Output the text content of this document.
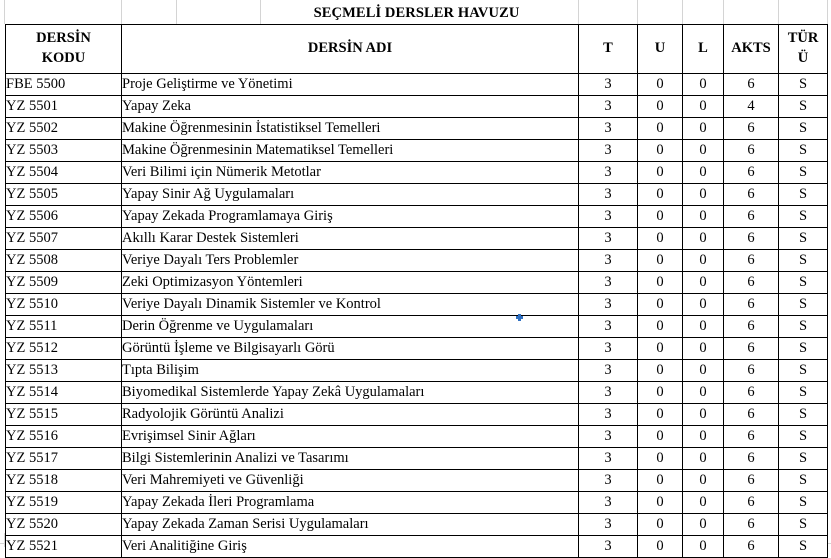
SEÇMELİ DERSLER HAVUZU						
DERSİN
KODU	DERSİN ADI	T	U	L	AKTS	TÜR
Ü

FBE 5500	Proje Geliştirme ve Yönetimi	3	0	0	6	S
YZ 5501	Yapay Zeka	3	0	0	4	S
YZ 5502	Makine Öğrenmesinin İstatistiksel Temelleri	3	0	0	6	S
YZ 5503	Makine Öğrenmesinin Matematiksel Temelleri	3	0	0	6	S
YZ 5504	Veri Bilimi için Nümerik Metotlar	3	0	0	6	S
YZ 5505	Yapay Sinir Ağ Uygulamaları	3	0	0	6	S
YZ 5506	Yapay Zekada Programlamaya Giriş	3	0	0	6	S
YZ 5507	Akıllı Karar Destek Sistemleri	3	0	0	6	S
YZ 5508	Veriye Dayalı Ters Problemler	3	0	0	6	S
YZ 5509	Zeki Optimizasyon Yöntemleri	3	0	0	6	S
YZ 5510	Veriye Dayalı Dinamik Sistemler ve Kontrol	3	0	0	6	S
YZ 5511	Derin Öğrenme ve Uygulamaları	3	0	0	6	S
YZ 5512	Görüntü İşleme ve Bilgisayarlı Görü	3	0	0	6	S
YZ 5513	Tıpta Bilişim	3	0	0	6	S
YZ 5514	Biyomedikal Sistemlerde Yapay Zekâ Uygulamaları	3	0	0	6	S
YZ 5515	Radyolojik Görüntü Analizi	3	0	0	6	S
YZ 5516	Evrişimsel Sinir Ağları	3	0	0	6	S
YZ 5517	Bilgi Sistemlerinin Analizi ve Tasarımı	3	0	0	6	S
YZ 5518	Veri Mahremiyeti ve Güvenliği	3	0	0	6	S
YZ 5519	Yapay Zekada İleri Programlama	3	0	0	6	S
YZ 5520	Yapay Zekada Zaman Serisi Uygulamaları	3	0	0	6	S
YZ 5521	Veri Analitiğine Giriş	3	0	0	6	S
